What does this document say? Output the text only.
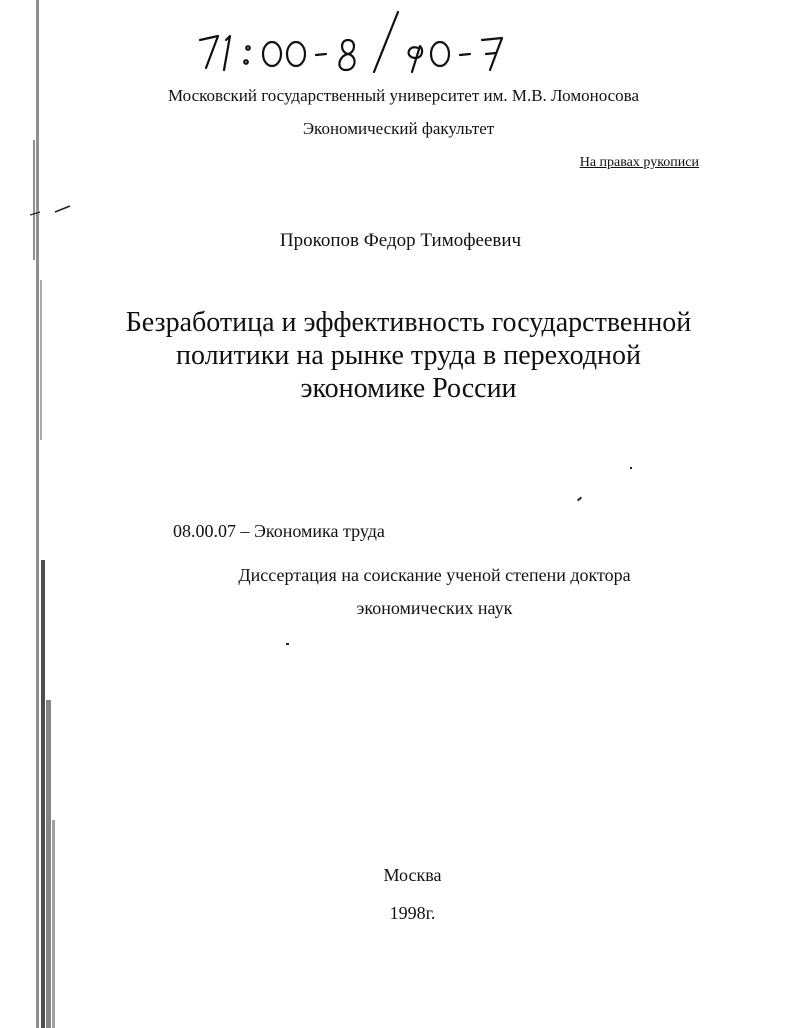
Московский государственный университет им. М.В. Ломоносова
Экономический факультет
На правах рукописи
Прокопов Федор Тимофеевич
Безработица и эффективность государственной
политики на рынке труда в переходной
экономике России
08.00.07 – Экономика труда
Диссертация на соискание ученой степени доктора
экономических наук
Москва
1998г.
